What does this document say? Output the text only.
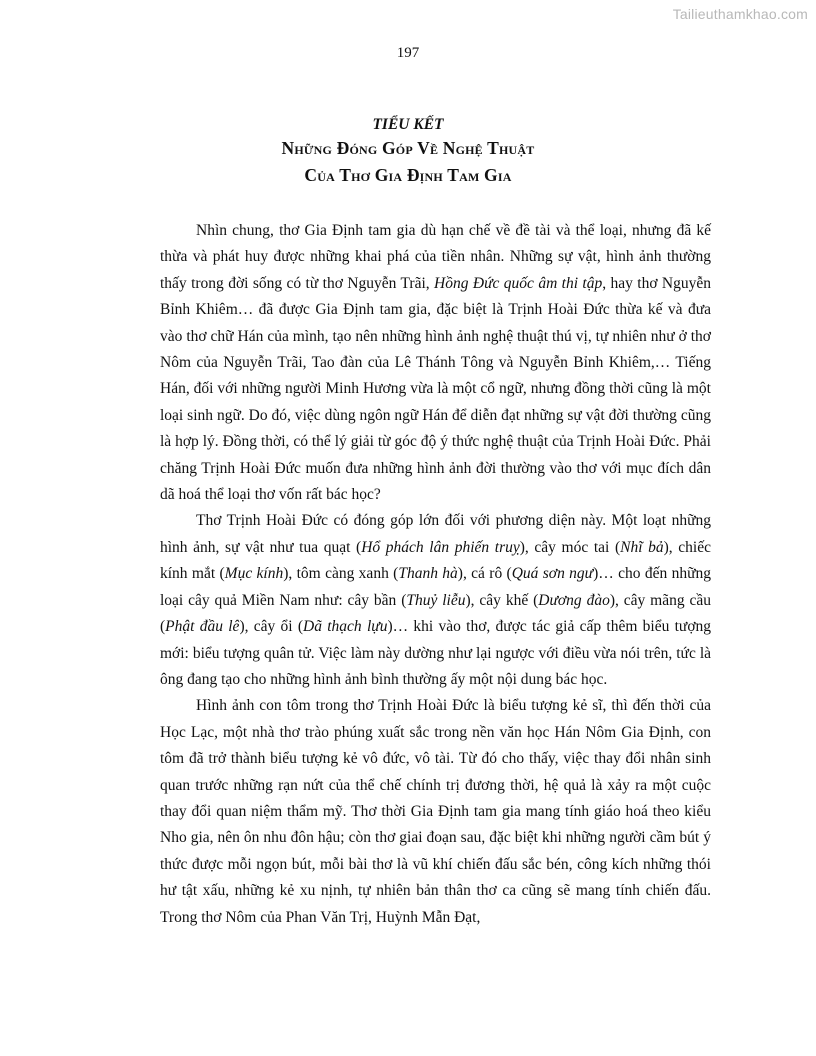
Tailieuthamkhao.com
197
TIỂU KẾT
Những Đóng Góp Về Nghệ Thuật
Của Thơ Gia Định Tam Gia

Nhìn chung, thơ Gia Định tam gia dù hạn chế về đề tài và thể loại, nhưng đã kế thừa và phát huy được những khai phá của tiền nhân. Những sự vật, hình ảnh thường thấy trong đời sống có từ thơ Nguyễn Trãi, Hồng Đức quốc âm thi tập, hay thơ Nguyễn Bỉnh Khiêm… đã được Gia Định tam gia, đặc biệt là Trịnh Hoài Đức thừa kế và đưa vào thơ chữ Hán của mình, tạo nên những hình ảnh nghệ thuật thú vị, tự nhiên như ở thơ Nôm của Nguyễn Trãi, Tao đàn của Lê Thánh Tông và Nguyễn Bỉnh Khiêm,… Tiếng Hán, đối với những người Minh Hương vừa là một cổ ngữ, nhưng đồng thời cũng là một loại sinh ngữ. Do đó, việc dùng ngôn ngữ Hán để diễn đạt những sự vật đời thường cũng là hợp lý. Đồng thời, có thể lý giải từ góc độ ý thức nghệ thuật của Trịnh Hoài Đức. Phải chăng Trịnh Hoài Đức muốn đưa những hình ảnh đời thường vào thơ với mục đích dân dã hoá thể loại thơ vốn rất bác học?

Thơ Trịnh Hoài Đức có đóng góp lớn đối với phương diện này. Một loạt những hình ảnh, sự vật như tua quạt (Hổ phách lân phiến truỵ), cây móc tai (Nhĩ bả), chiếc kính mắt (Mục kính), tôm càng xanh (Thanh hà), cá rô (Quá sơn ngư)… cho đến những loại cây quả Miền Nam như: cây bần (Thuỷ liễu), cây khế (Dương đào), cây mãng cầu (Phật đầu lê), cây ổi (Dã thạch lựu)… khi vào thơ, được tác giả cấp thêm biểu tượng mới: biểu tượng quân tử. Việc làm này dường như lại ngược với điều vừa nói trên, tức là ông đang tạo cho những hình ảnh bình thường ấy một nội dung bác học.

Hình ảnh con tôm trong thơ Trịnh Hoài Đức là biểu tượng kẻ sĩ, thì đến thời của Học Lạc, một nhà thơ trào phúng xuất sắc trong nền văn học Hán Nôm Gia Định, con tôm đã trở thành biểu tượng kẻ vô đức, vô tài. Từ đó cho thấy, việc thay đổi nhân sinh quan trước những rạn nứt của thể chế chính trị đương thời, hệ quả là xảy ra một cuộc thay đổi quan niệm thẩm mỹ. Thơ thời Gia Định tam gia mang tính giáo hoá theo kiểu Nho gia, nên ôn nhu đôn hậu; còn thơ giai đoạn sau, đặc biệt khi những người cầm bút ý thức được mỗi ngọn bút, mỗi bài thơ là vũ khí chiến đấu sắc bén, công kích những thói hư tật xấu, những kẻ xu nịnh, tự nhiên bản thân thơ ca cũng sẽ mang tính chiến đấu. Trong thơ Nôm của Phan Văn Trị, Huỳnh Mẫn Đạt,
